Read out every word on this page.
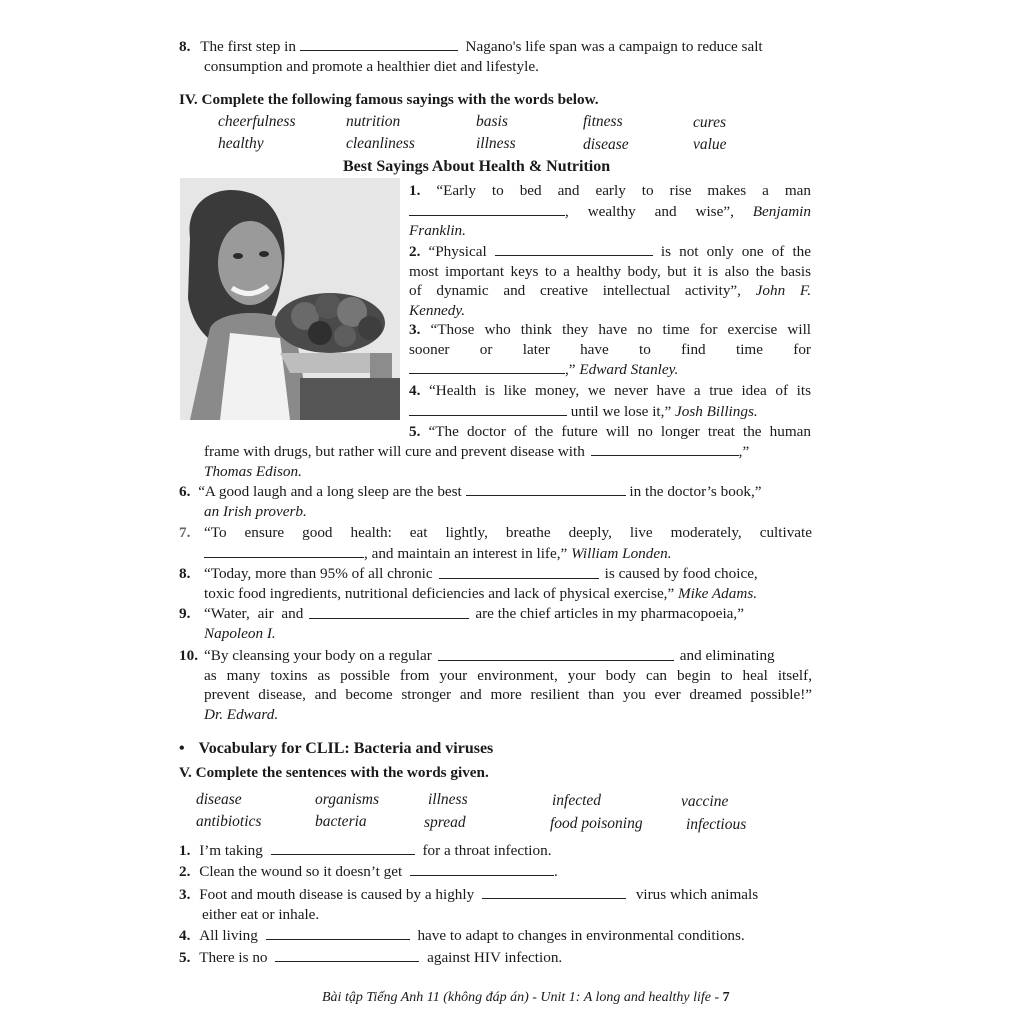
8. The first step in	Nagano's life span was a campaign to reduce salt
consumption and promote a healthier diet and lifestyle.
IV. Complete the following famous sayings with the words below.
cheerfulness	nutrition	basis	fitness	cures
healthy	cleanliness	illness	disease	value
Best Sayings About Health & Nutrition
1. “Early to bed and early to rise makes a man
, wealthy and wise”, Benjamin
Franklin.
2. “Physical	is not only one of the
most important keys to a healthy body, but it is also the basis
of dynamic and creative intellectual activity”, John F.
Kennedy.
3. “Those who think they have no time for exercise will
sooner or later have to find time for
,” Edward Stanley.
4. “Health is like money, we never have a true idea of its
until we lose it,” Josh Billings.
5. “The doctor of the future will no longer treat the human
frame with drugs, but rather will cure and prevent disease with	,”
Thomas Edison.
6. “A good laugh and a long sleep are the best	in the doctor’s book,”
an Irish proverb.
7. “To ensure good health: eat lightly, breathe deeply, live moderately, cultivate
, and maintain an interest in life,” William Londen.
8. “Today, more than 95% of all chronic	is caused by food choice,
toxic food ingredients, nutritional deficiencies and lack of physical exercise,” Mike Adams.
9. “Water, air and	are the chief articles in my pharmacopoeia,”
Napoleon I.
10. “By cleansing your body on a regular	and eliminating
as many toxins as possible from your environment, your body can begin to heal itself,
prevent disease, and become stronger and more resilient than you ever dreamed possible!”
Dr. Edward.
• Vocabulary for CLIL: Bacteria and viruses
V. Complete the sentences with the words given.
disease	organisms	illness	infected	vaccine
antibiotics	bacteria	spread	food poisoning	infectious
1. I’m taking	for a throat infection.
2. Clean the wound so it doesn’t get	.
3. Foot and mouth disease is caused by a highly	virus which animals
either eat or inhale.
4. All living	have to adapt to changes in environmental conditions.
5. There is no	against HIV infection.
Bài tập Tiếng Anh 11 (không đáp án) - Unit 1: A long and healthy life - 7
